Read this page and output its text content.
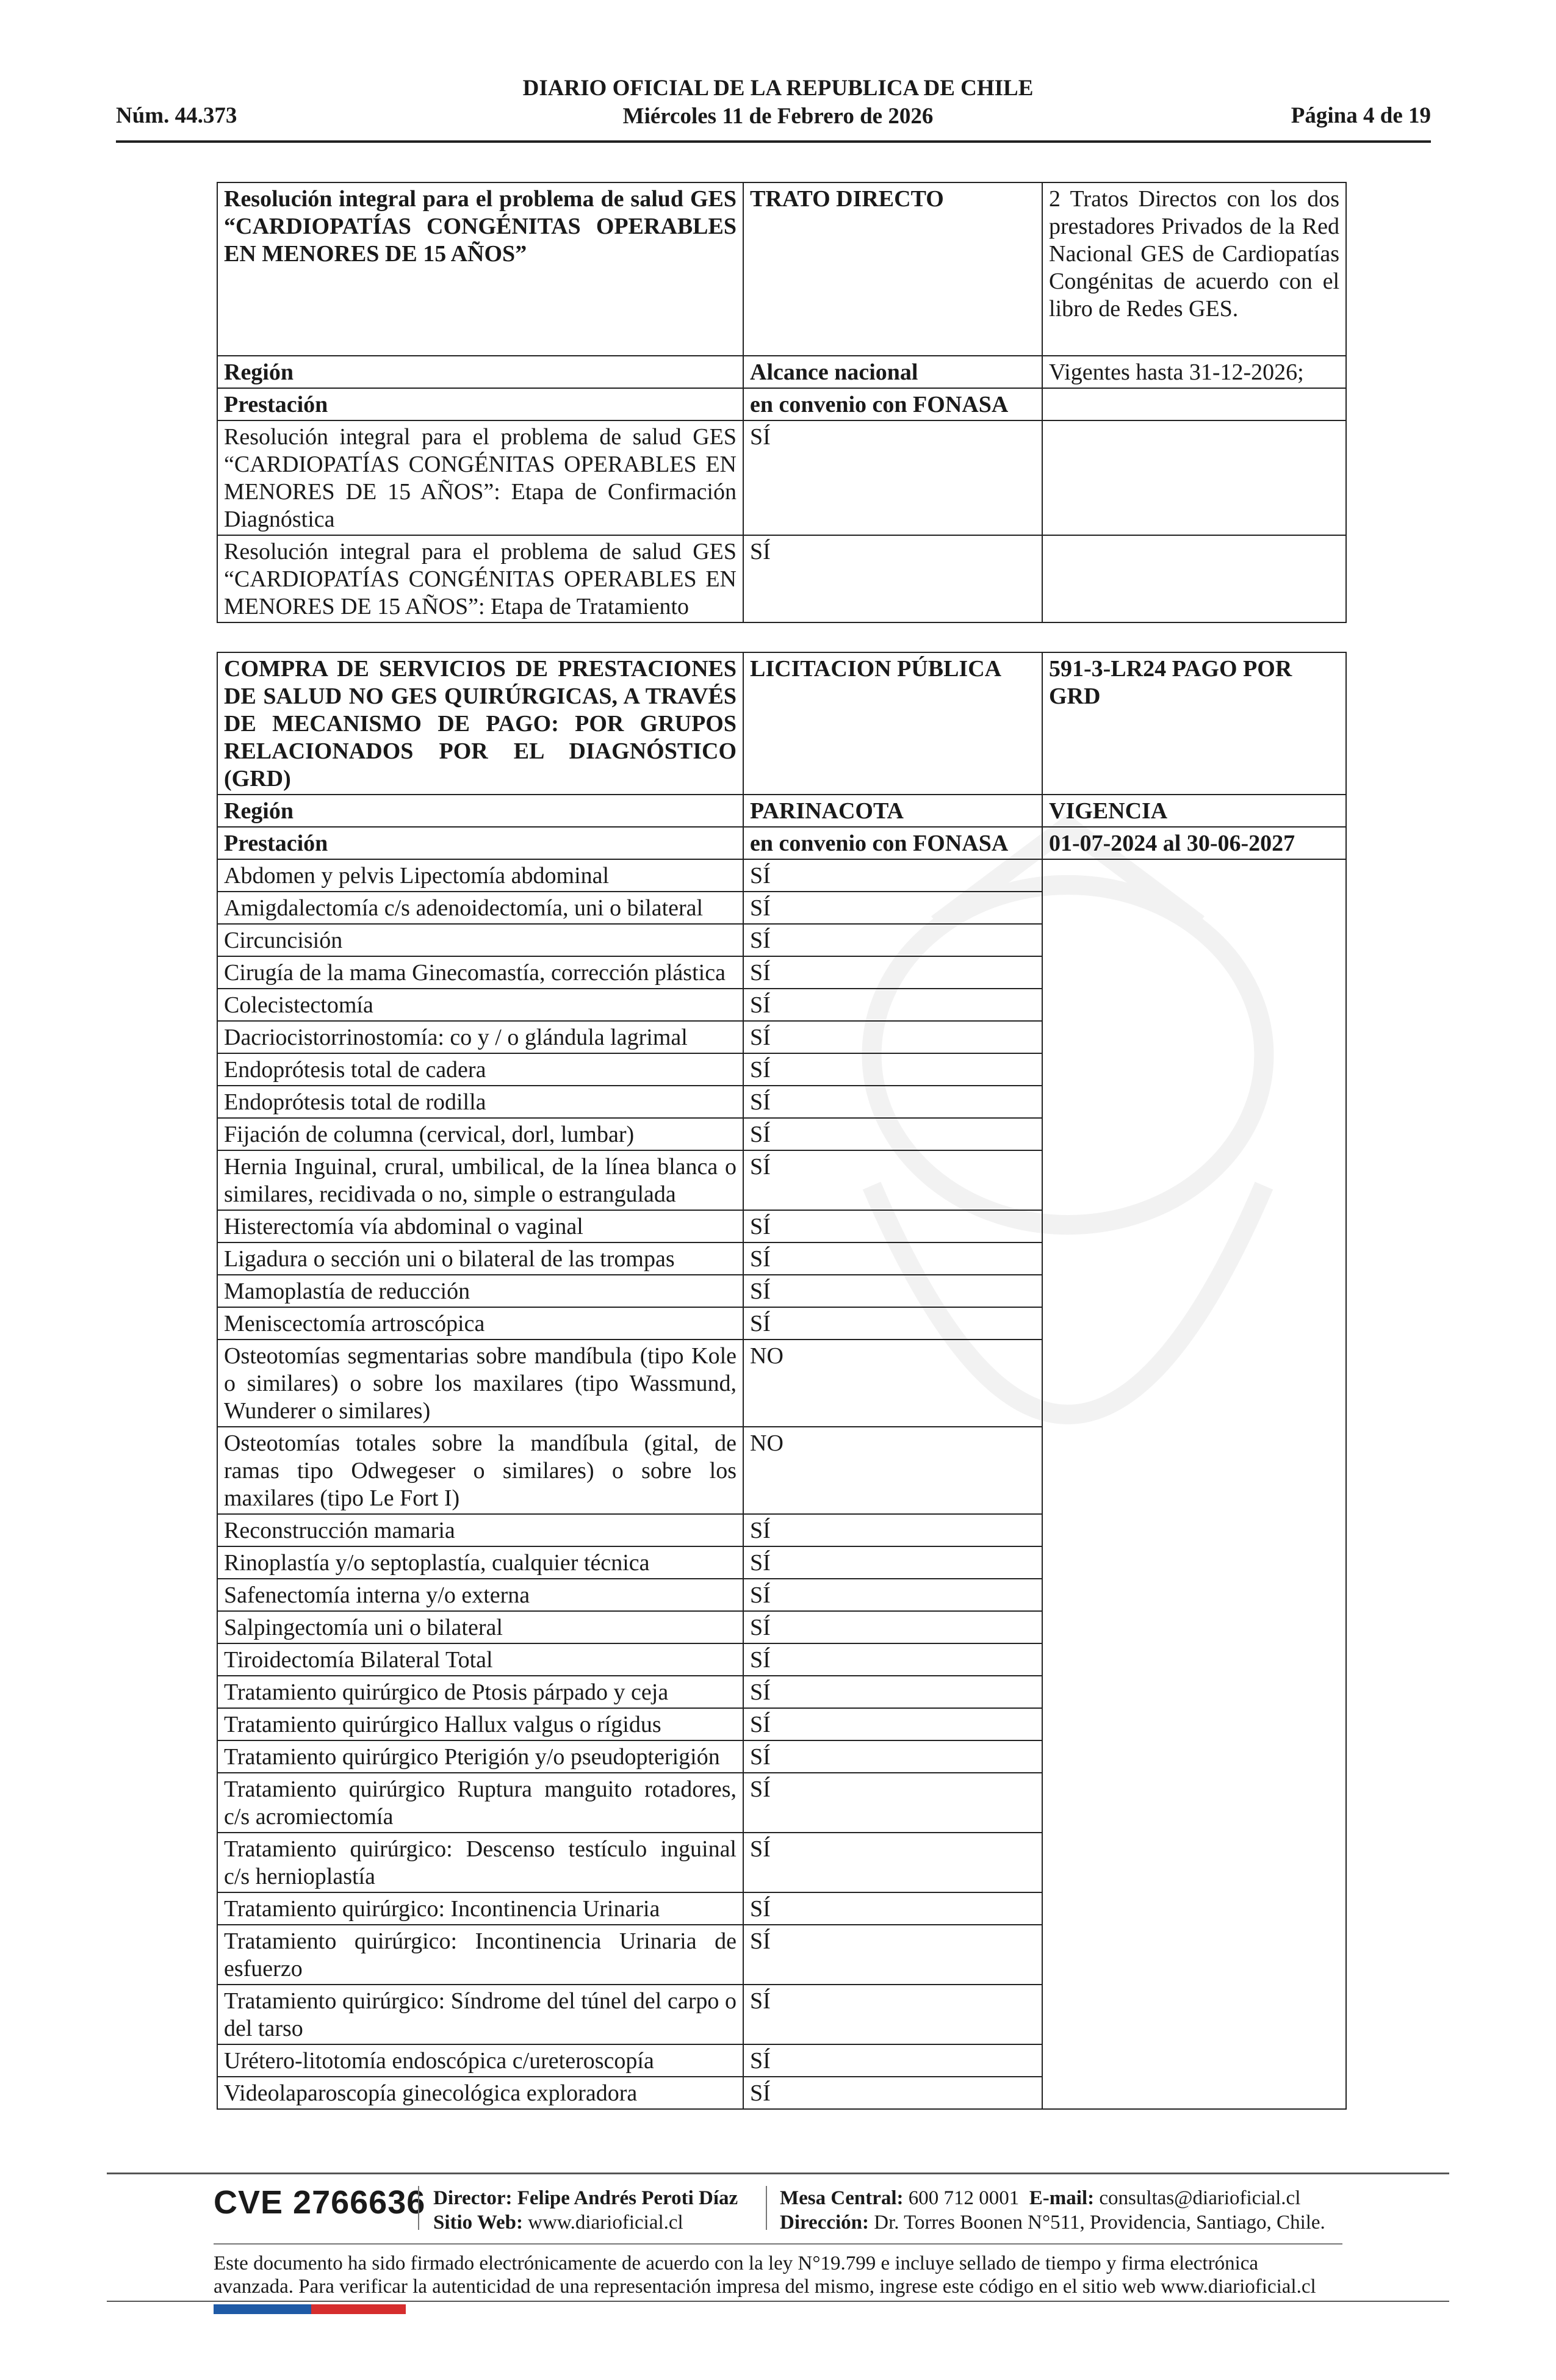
Núm. 44.373
DIARIO OFICIAL DE LA REPUBLICA DE CHILE
Miércoles 11 de Febrero de 2026	Página 4 de 19
Resolución integral para el problema de salud GES “CARDIOPATÍAS CONGÉNITAS OPERABLES EN MENORES DE 15 AÑOS”	TRATO DIRECTO	2 Tratos Directos con los dos prestadores Privados de la Red Nacional GES de Cardiopatías Congénitas de acuerdo con el libro de Redes GES.
Región	Alcance nacional	Vigentes hasta 31-12-2026;
Prestación	en convenio con FONASA	
Resolución integral para el problema de salud GES “CARDIOPATÍAS CONGÉNITAS OPERABLES EN MENORES DE 15 AÑOS”: Etapa de Confirmación Diagnóstica	SÍ	
Resolución integral para el problema de salud GES “CARDIOPATÍAS CONGÉNITAS OPERABLES EN MENORES DE 15 AÑOS”: Etapa de Tratamiento	SÍ	
COMPRA DE SERVICIOS DE PRESTACIONES DE SALUD NO GES QUIRÚRGICAS, A TRAVÉS DE MECANISMO DE PAGO: POR GRUPOS RELACIONADOS POR EL DIAGNÓSTICO (GRD)	LICITACION PÚBLICA	591-3-LR24 PAGO POR GRD
Región	PARINACOTA	VIGENCIA
Prestación	en convenio con FONASA	01-07-2024 al 30-06-2027
Abdomen y pelvis Lipectomía abdominal	SÍ	
Amigdalectomía c/s adenoidectomía, uni o bilateral	SÍ	
Circuncisión	SÍ	
Cirugía de la mama Ginecomastía, corrección plástica	SÍ	
Colecistectomía	SÍ	
Dacriocistorrinostomía: co y / o glándula lagrimal	SÍ	
Endoprótesis total de cadera	SÍ	
Endoprótesis total de rodilla	SÍ	
Fijación de columna (cervical, dorl, lumbar)	SÍ	
Hernia Inguinal, crural, umbilical, de la línea blanca o similares, recidivada o no, simple o estrangulada	SÍ	
Histerectomía vía abdominal o vaginal	SÍ	
Ligadura o sección uni o bilateral de las trompas	SÍ	
Mamoplastía de reducción	SÍ	
Meniscectomía artroscópica	SÍ	
Osteotomías segmentarias sobre mandíbula (tipo Kole o similares) o sobre los maxilares (tipo Wassmund, Wunderer o similares)	NO	
Osteotomías totales sobre la mandíbula (gital, de ramas tipo Odwegeser o similares) o sobre los maxilares (tipo Le Fort I)	NO	
Reconstrucción mamaria	SÍ	
Rinoplastía y/o septoplastía, cualquier técnica	SÍ	
Safenectomía interna y/o externa	SÍ	
Salpingectomía uni o bilateral	SÍ	
Tiroidectomía Bilateral Total	SÍ	
Tratamiento quirúrgico de Ptosis párpado y ceja	SÍ	
Tratamiento quirúrgico Hallux valgus o rígidus	SÍ	
Tratamiento quirúrgico Pterigión y/o pseudopterigión	SÍ	
Tratamiento quirúrgico Ruptura manguito rotadores, c/s acromiectomía	SÍ	
Tratamiento quirúrgico: Descenso testículo inguinal c/s hernioplastía	SÍ	
Tratamiento quirúrgico: Incontinencia Urinaria	SÍ	
Tratamiento quirúrgico: Incontinencia Urinaria de esfuerzo	SÍ	
Tratamiento quirúrgico: Síndrome del túnel del carpo o del tarso	SÍ	
Urétero-litotomía endoscópica c/ureteroscopía	SÍ	
Videolaparoscopía ginecológica exploradora	SÍ	
CVE 2766636 Director: Felipe Andrés Peroti Díaz
Sitio Web: www.diarioficial.cl
Mesa Central: 600 712 0001 E-mail: consultas@diarioficial.cl
Dirección: Dr. Torres Boonen N°511, Providencia, Santiago, Chile.
Este documento ha sido firmado electrónicamente de acuerdo con la ley N°19.799 e incluye sellado de tiempo y firma electrónica avanzada. Para verificar la autenticidad de una representación impresa del mismo, ingrese este código en el sitio web www.diarioficial.cl
